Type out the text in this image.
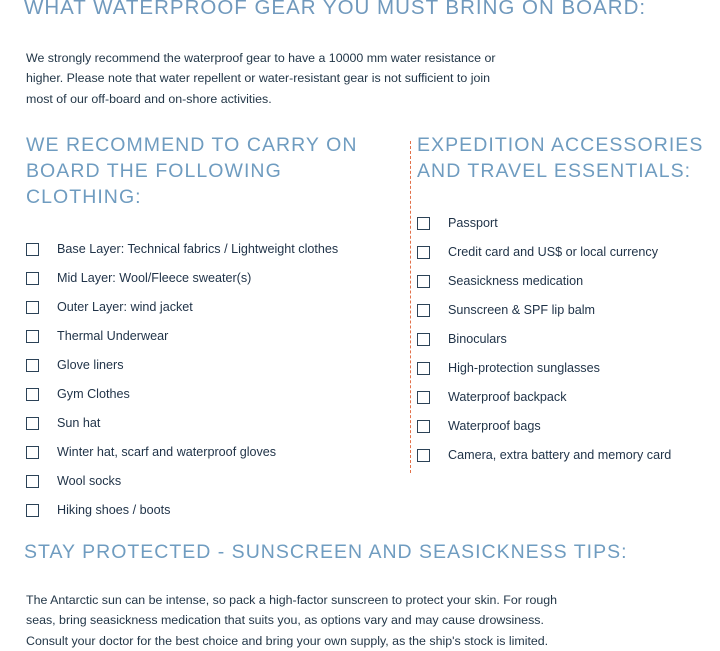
WHAT WATERPROOF GEAR YOU MUST BRING ON BOARD:

We strongly recommend the waterproof gear to have a 10000 mm water resistance or higher. Please note that water repellent or water-resistant gear is not sufficient to join most of our off-board and on-shore activities.

WE RECOMMEND TO CARRY ON BOARD THE FOLLOWING CLOTHING:
Base Layer: Technical fabrics / Lightweight clothes
Mid Layer: Wool/Fleece sweater(s)
Outer Layer: wind jacket
Thermal Underwear
Glove liners
Gym Clothes
Sun hat
Winter hat, scarf and waterproof gloves
Wool socks
Hiking shoes / boots
EXPEDITION ACCESSORIES AND TRAVEL ESSENTIALS:
Passport
Credit card and US$ or local currency
Seasickness medication
Sunscreen & SPF lip balm
Binoculars
High-protection sunglasses
Waterproof backpack
Waterproof bags
Camera, extra battery and memory card
STAY PROTECTED - SUNSCREEN AND SEASICKNESS TIPS:

The Antarctic sun can be intense, so pack a high-factor sunscreen to protect your skin. For rough seas, bring seasickness medication that suits you, as options vary and may cause drowsiness. Consult your doctor for the best choice and bring your own supply, as the ship's stock is limited.
